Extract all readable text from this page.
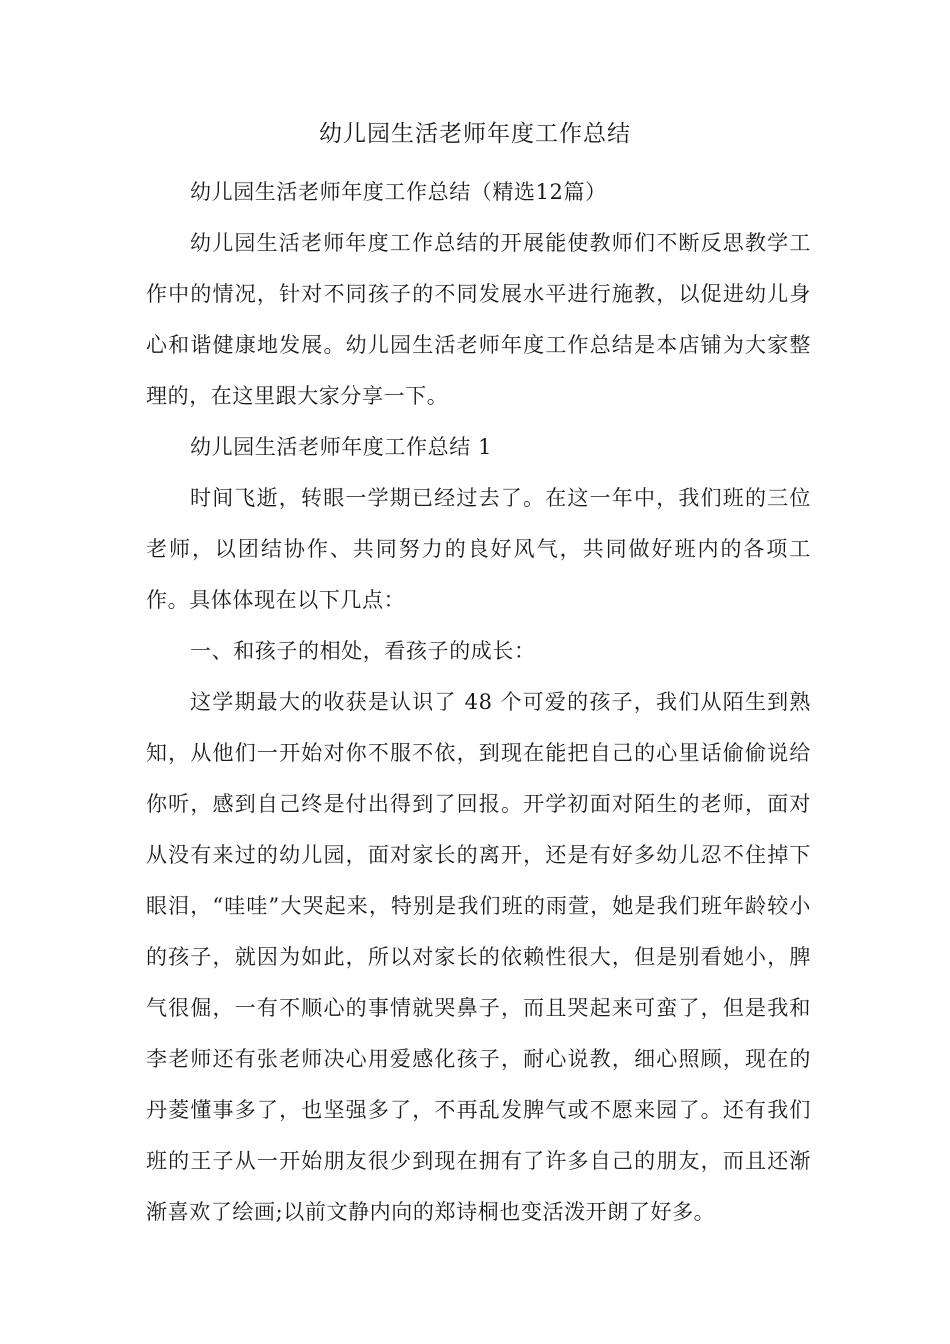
幼儿园生活老师年度工作总结

幼儿园生活老师年度工作总结（精选12篇）

幼儿园生活老师年度工作总结的开展能使教师们不断反思教学工作中的情况，针对不同孩子的不同发展水平进行施教，以促进幼儿身心和谐健康地发展。幼儿园生活老师年度工作总结是本店铺为大家整理的，在这里跟大家分享一下。

幼儿园生活老师年度工作总结 1

时间飞逝，转眼一学期已经过去了。在这一年中，我们班的三位老师，以团结协作、共同努力的良好风气，共同做好班内的各项工作。具体体现在以下几点：

一、和孩子的相处，看孩子的成长：

这学期最大的收获是认识了 48 个可爱的孩子，我们从陌生到熟知，从他们一开始对你不服不依，到现在能把自己的心里话偷偷说给你听，感到自己终是付出得到了回报。开学初面对陌生的老师，面对从没有来过的幼儿园，面对家长的离开，还是有好多幼儿忍不住掉下眼泪，“哇哇”大哭起来，特别是我们班的雨萱，她是我们班年龄较小的孩子，就因为如此，所以对家长的依赖性很大，但是别看她小，脾气很倔，一有不顺心的事情就哭鼻子，而且哭起来可蛮了，但是我和李老师还有张老师决心用爱感化孩子，耐心说教，细心照顾，现在的丹菱懂事多了，也坚强多了，不再乱发脾气或不愿来园了。还有我们班的王子从一开始朋友很少到现在拥有了许多自己的朋友，而且还渐渐喜欢了绘画;以前文静内向的郑诗桐也变活泼开朗了好多。
